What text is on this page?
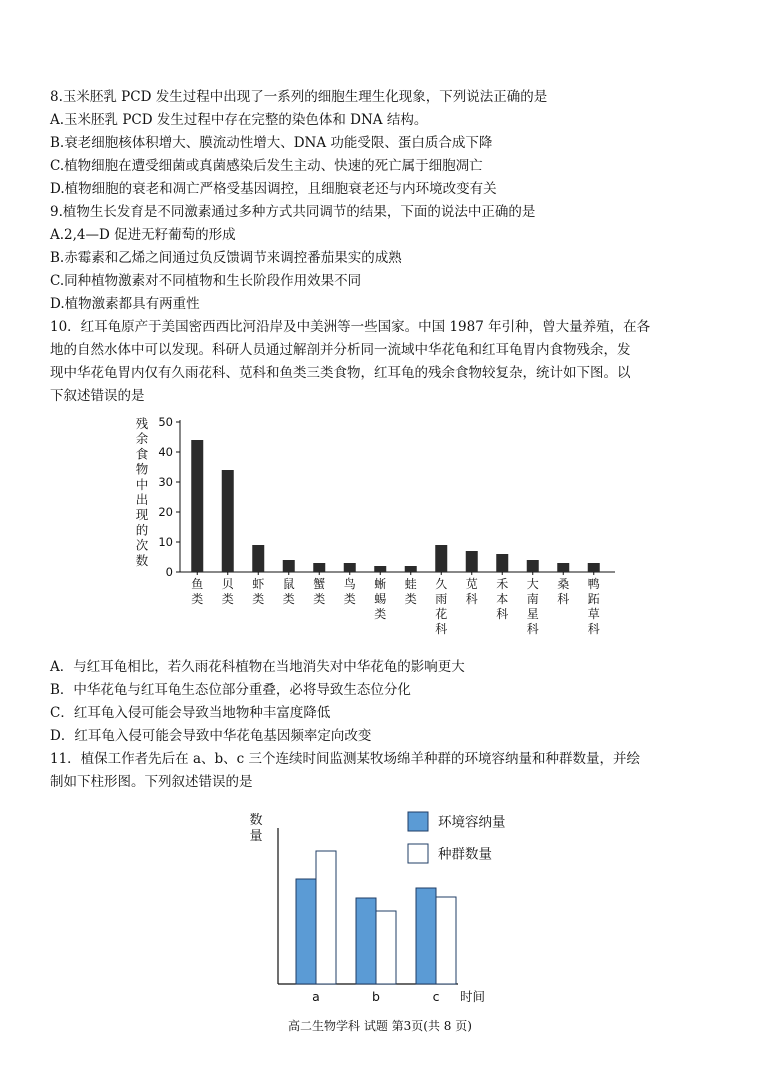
8.玉米胚乳 PCD 发生过程中出现了一系列的细胞生理生化现象，下列说法正确的是
A.玉米胚乳 PCD 发生过程中存在完整的染色体和 DNA 结构。
B.衰老细胞核体积增大、膜流动性增大、DNA 功能受限、蛋白质合成下降
C.植物细胞在遭受细菌或真菌感染后发生主动、快速的死亡属于细胞凋亡
D.植物细胞的衰老和凋亡严格受基因调控，且细胞衰老还与内环境改变有关
9.植物生长发育是不同激素通过多种方式共同调节的结果，下面的说法中正确的是
A.2,4—D 促进无籽葡萄的形成
B.赤霉素和乙烯之间通过负反馈调节来调控番茄果实的成熟
C.同种植物激素对不同植物和生长阶段作用效果不同
D.植物激素都具有两重性
10．红耳龟原产于美国密西西比河沿岸及中美洲等一些国家。中国 1987 年引种，曾大量养殖，在各
地的自然水体中可以发现。科研人员通过解剖并分析同一流域中华花龟和红耳龟胃内食物残余，发
现中华花龟胃内仅有久雨花科、苋科和鱼类三类食物，红耳龟的残余食物较复杂，统计如下图。以
下叙述错误的是
残
余
食
物
中
出
现
的
次
数
0
10
20
30
40
50
鱼
类
贝
类
虾
类
鼠
类
蟹
类
鸟
类
蜥
蜴
类
蛙
类
久
雨
花
科
苋
科
禾
本
科
大
南
星
科
桑
科
鸭
跖
草
科
A．与红耳龟相比，若久雨花科植物在当地消失对中华花龟的影响更大
B．中华花龟与红耳龟生态位部分重叠，必将导致生态位分化
C．红耳龟入侵可能会导致当地物种丰富度降低
D．红耳龟入侵可能会导致中华花龟基因频率定向改变
11．植保工作者先后在 a、b、c 三个连续时间监测某牧场绵羊种群的环境容纳量和种群数量，并绘
制如下柱形图。下列叙述错误的是
数
量
时间
a	b	c
环境容纳量
种群数量
高二生物学科 试题 第3页(共 8 页)
